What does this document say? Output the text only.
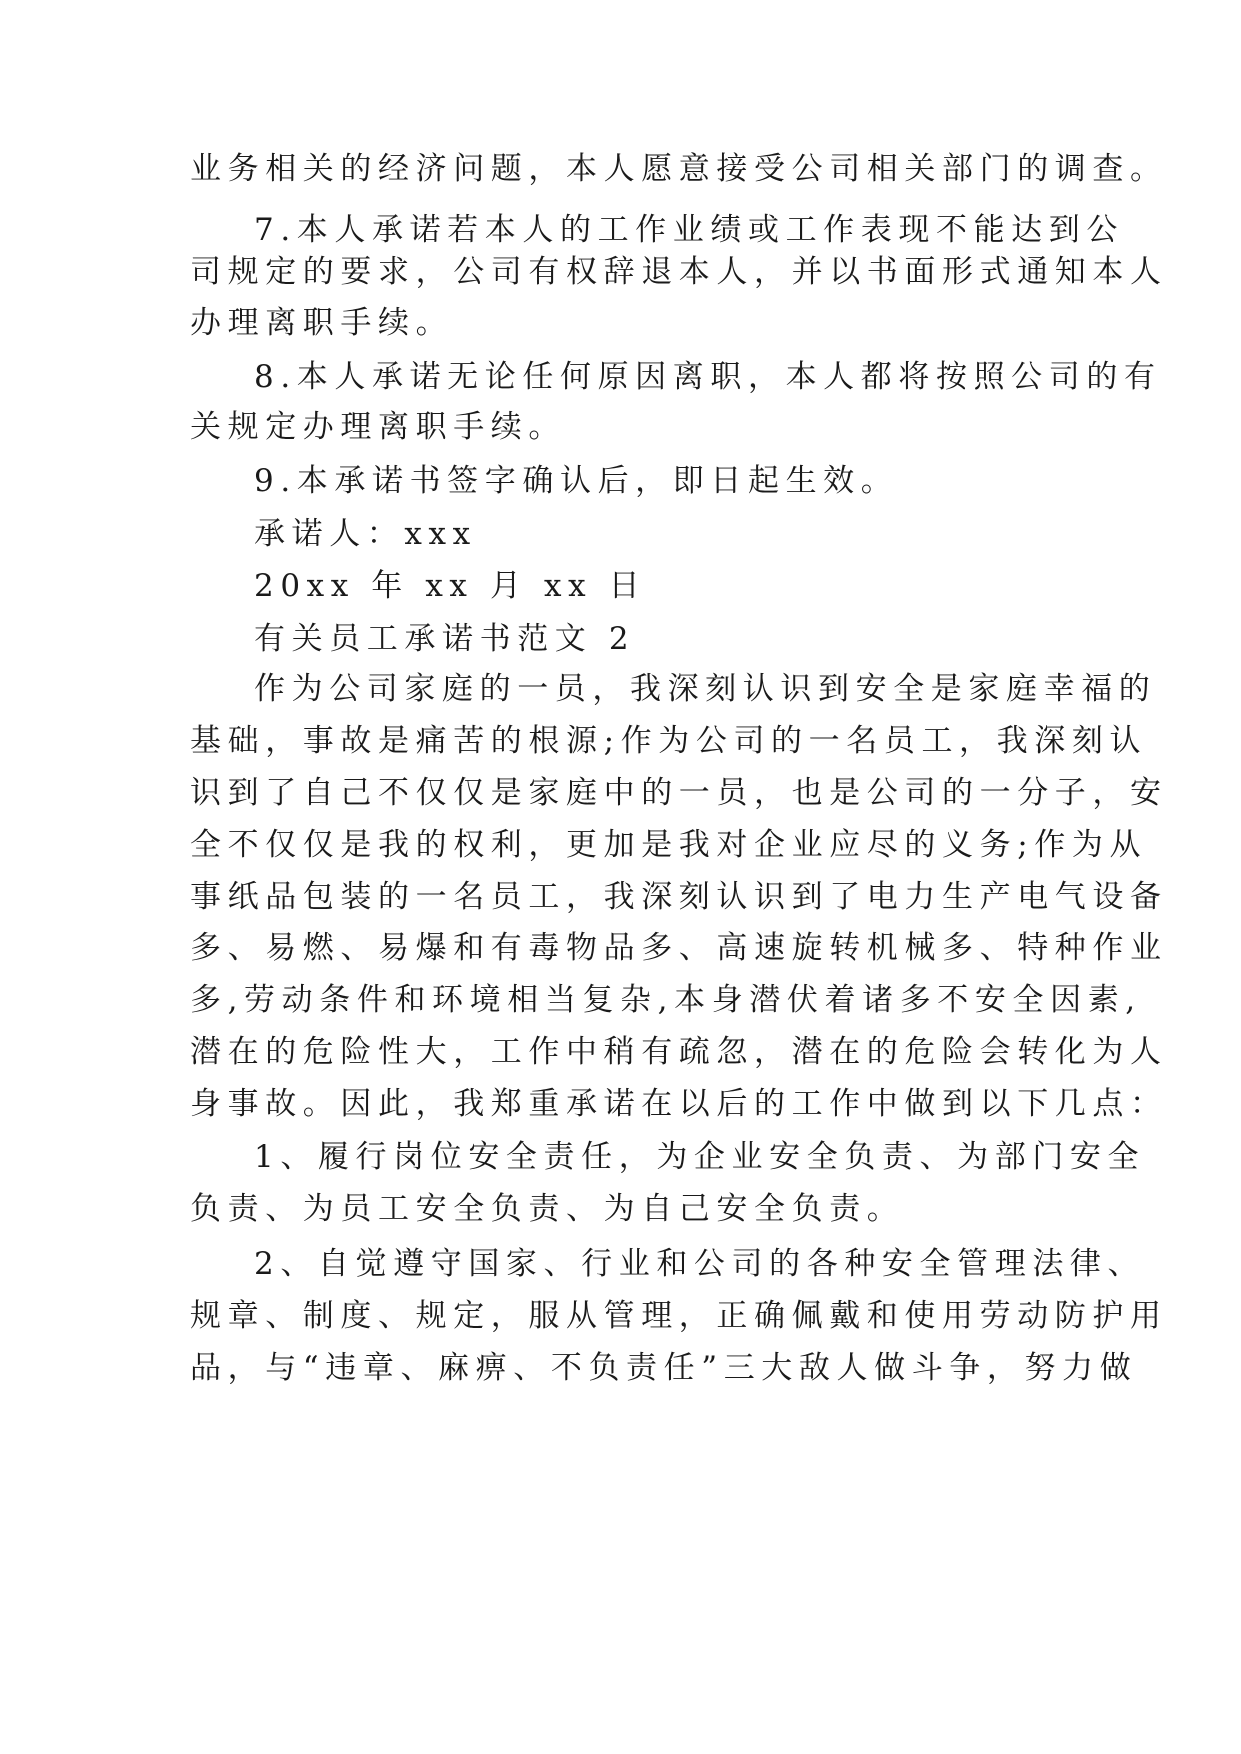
业务相关的经济问题，本人愿意接受公司相关部门的调查。
7.本人承诺若本人的工作业绩或工作表现不能达到公
司规定的要求，公司有权辞退本人，并以书面形式通知本人
办理离职手续。
8.本人承诺无论任何原因离职，本人都将按照公司的有
关规定办理离职手续。
9.本承诺书签字确认后，即日起生效。
承诺人：xxx
20xx 年 xx 月 xx 日
有关员工承诺书范文 2
作为公司家庭的一员，我深刻认识到安全是家庭幸福的
基础，事故是痛苦的根源;作为公司的一名员工，我深刻认
识到了自己不仅仅是家庭中的一员，也是公司的一分子，安
全不仅仅是我的权利，更加是我对企业应尽的义务;作为从
事纸品包装的一名员工，我深刻认识到了电力生产电气设备
多、易燃、易爆和有毒物品多、高速旋转机械多、特种作业
多,劳动条件和环境相当复杂,本身潜伏着诸多不安全因素,
潜在的危险性大，工作中稍有疏忽，潜在的危险会转化为人
身事故。因此，我郑重承诺在以后的工作中做到以下几点：
1、履行岗位安全责任，为企业安全负责、为部门安全
负责、为员工安全负责、为自己安全负责。
2、自觉遵守国家、行业和公司的各种安全管理法律、
规章、制度、规定，服从管理，正确佩戴和使用劳动防护用
品，与“违章、麻痹、不负责任”三大敌人做斗争，努力做
